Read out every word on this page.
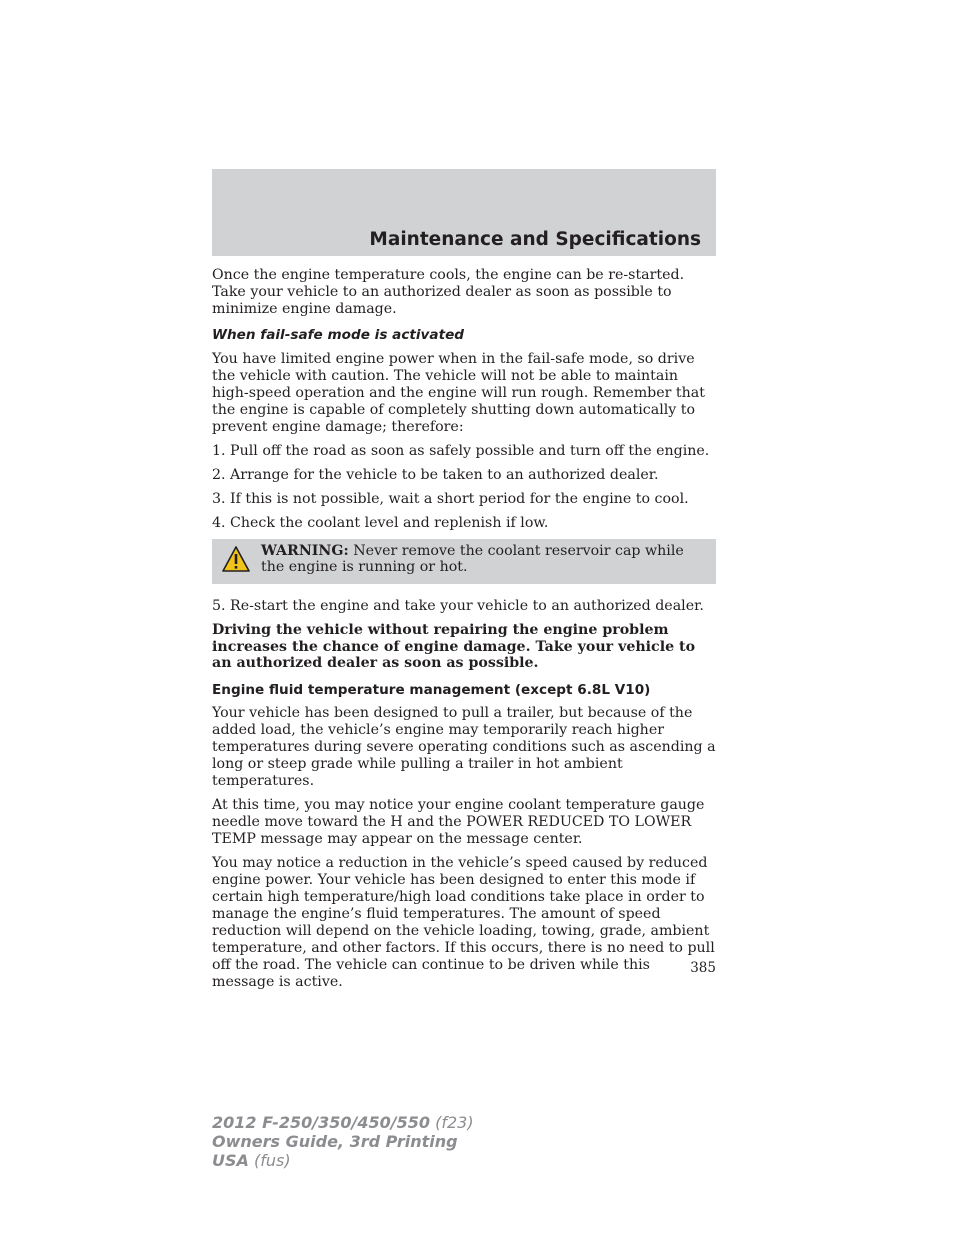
Maintenance and Specifications

Once the engine temperature cools, the engine can be re-started. Take your vehicle to an authorized dealer as soon as possible to minimize engine damage.

When fail-safe mode is activated

You have limited engine power when in the fail-safe mode, so drive the vehicle with caution. The vehicle will not be able to maintain high-speed operation and the engine will run rough. Remember that the engine is capable of completely shutting down automatically to prevent engine damage; therefore:

1. Pull off the road as soon as safely possible and turn off the engine.

2. Arrange for the vehicle to be taken to an authorized dealer.

3. If this is not possible, wait a short period for the engine to cool.

4. Check the coolant level and replenish if low.

WARNING: Never remove the coolant reservoir cap while the engine is running or hot.

5. Re-start the engine and take your vehicle to an authorized dealer.

Driving the vehicle without repairing the engine problem increases the chance of engine damage. Take your vehicle to an authorized dealer as soon as possible.

Engine fluid temperature management (except 6.8L V10)

Your vehicle has been designed to pull a trailer, but because of the added load, the vehicle’s engine may temporarily reach higher temperatures during severe operating conditions such as ascending a long or steep grade while pulling a trailer in hot ambient temperatures.

At this time, you may notice your engine coolant temperature gauge needle move toward the H and the POWER REDUCED TO LOWER TEMP message may appear on the message center.

You may notice a reduction in the vehicle’s speed caused by reduced engine power. Your vehicle has been designed to enter this mode if certain high temperature/high load conditions take place in order to manage the engine’s fluid temperatures. The amount of speed reduction will depend on the vehicle loading, towing, grade, ambient temperature, and other factors. If this occurs, there is no need to pull off the road. The vehicle can continue to be driven while this message is active.

385
2012 F-250/350/450/550 (f23)
Owners Guide, 3rd Printing
USA (fus)
